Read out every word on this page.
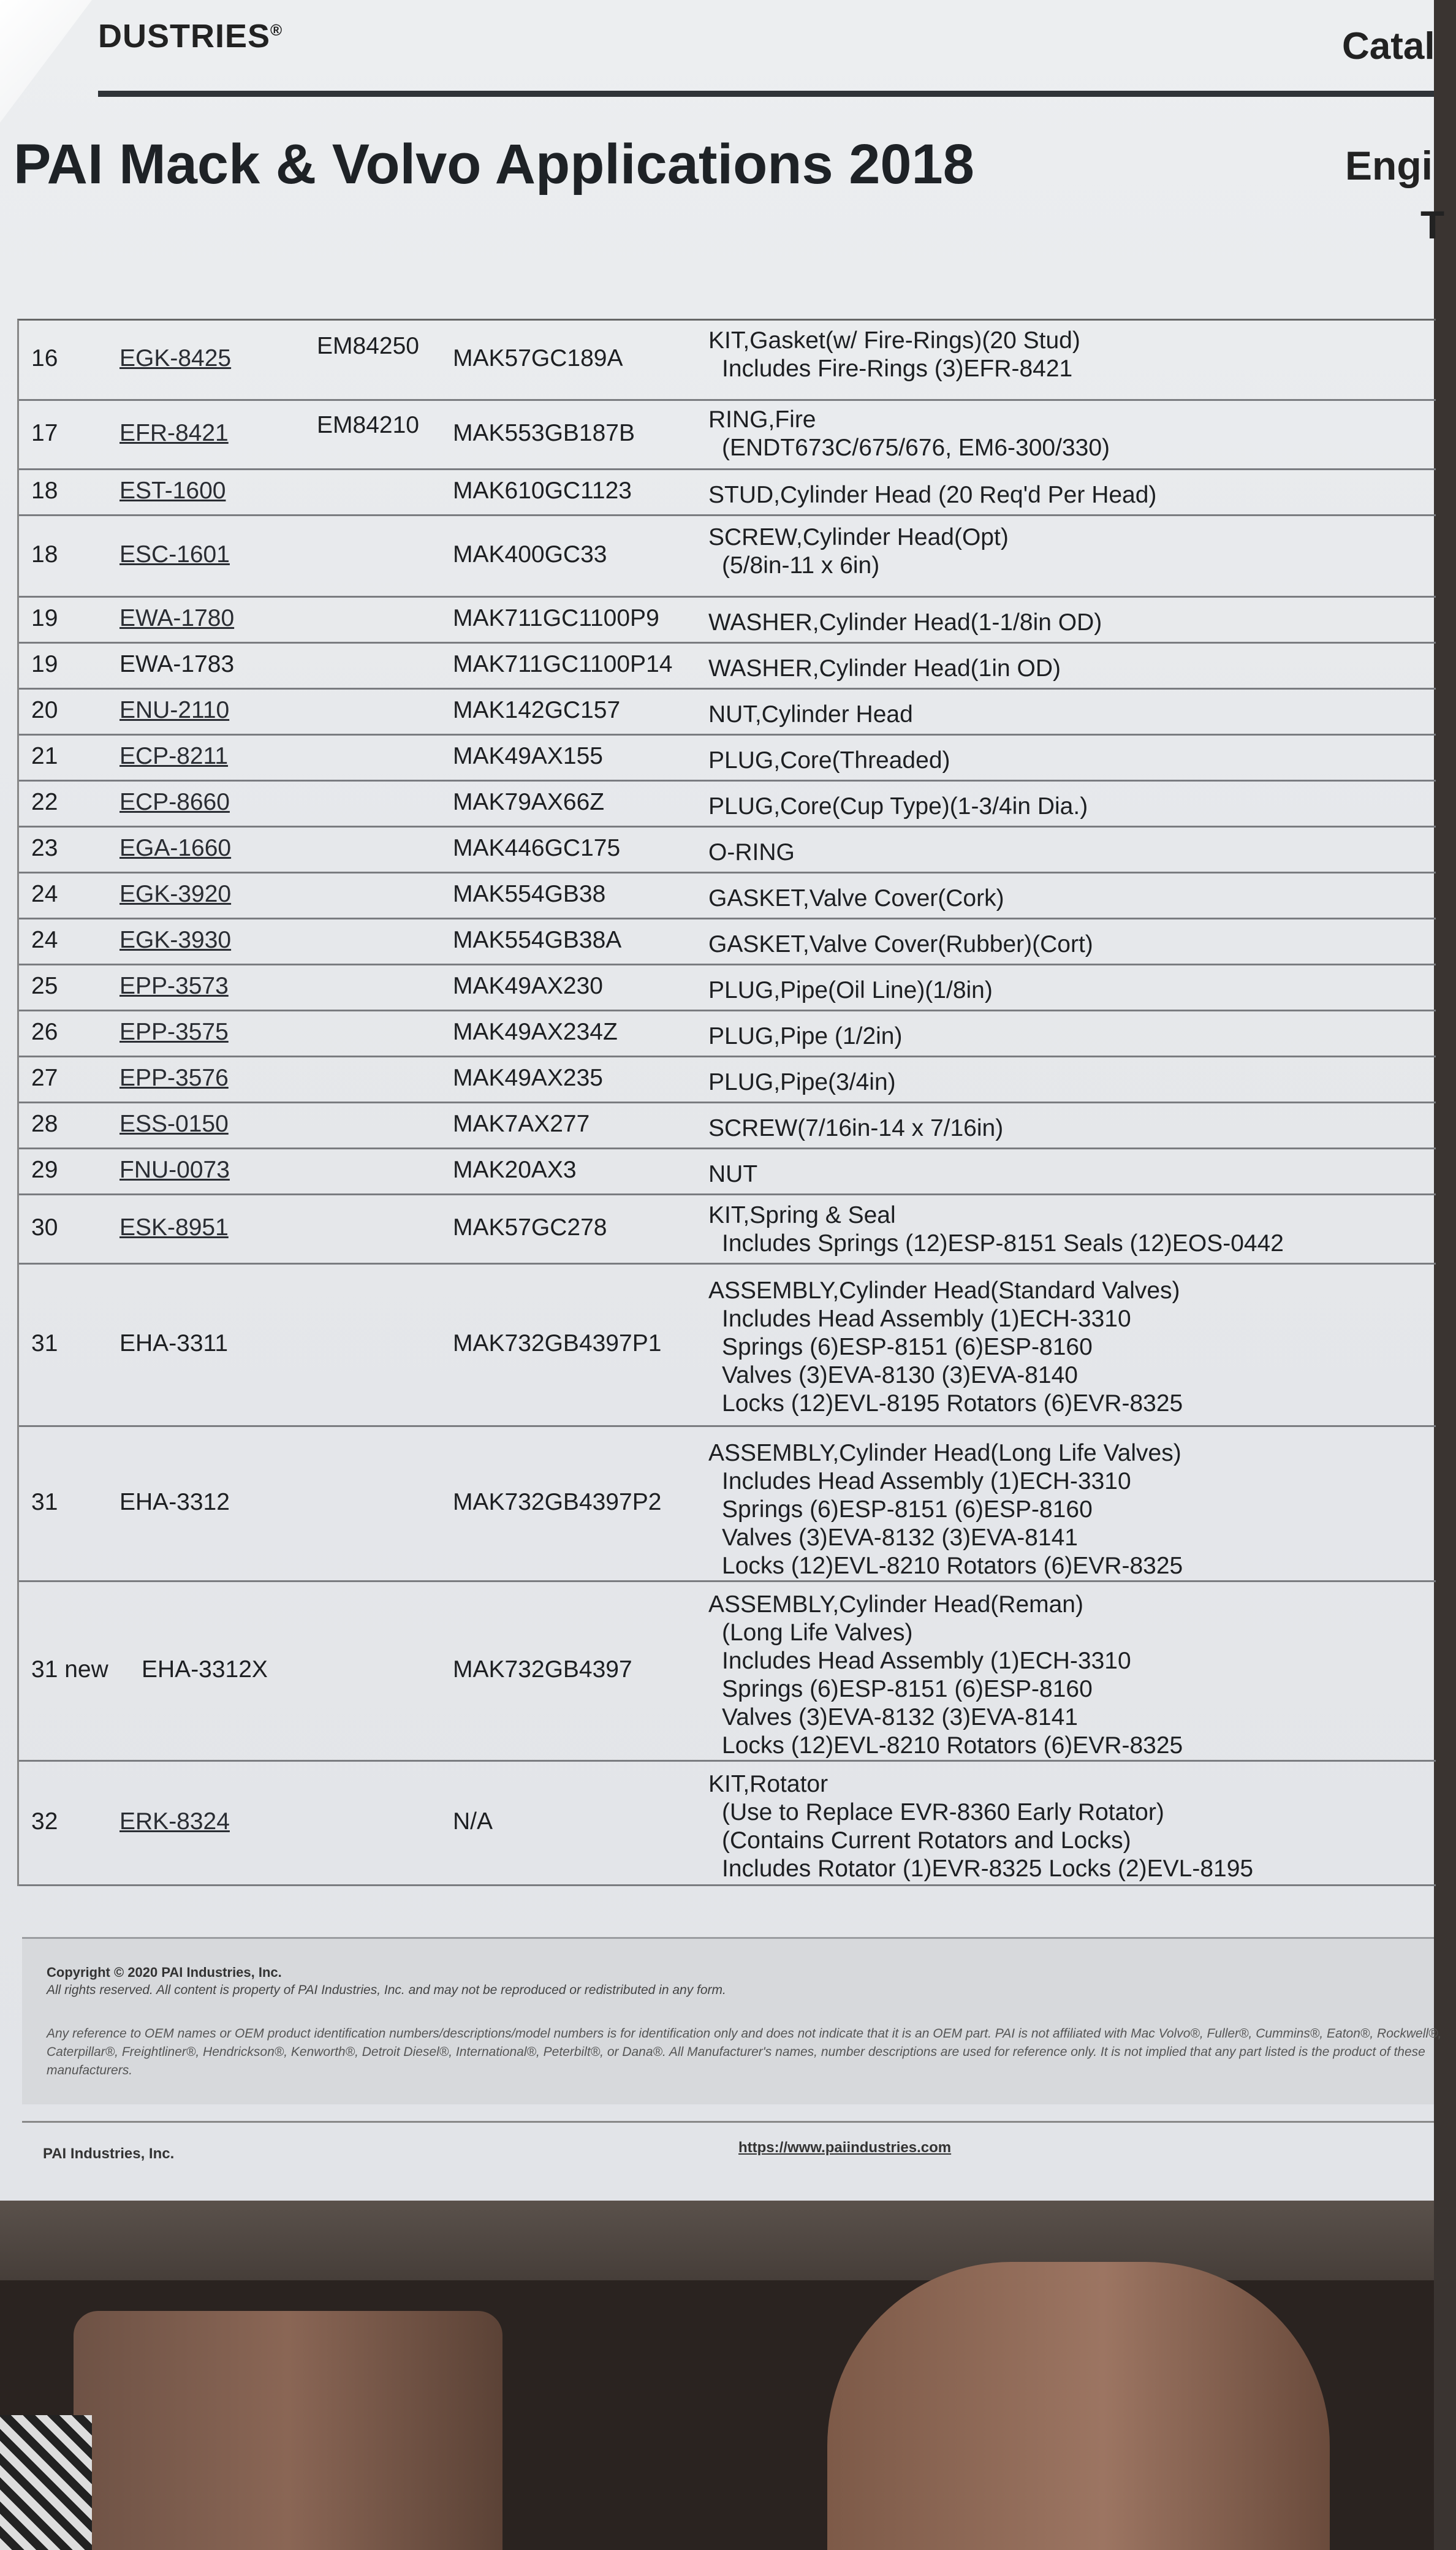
DUSTRIES®	Catal
PAI Mack & Volvo Applications 2018	Engi
T
16	EGK-8425	EM84250 MAK57GC189A
KIT,Gasket(w/ Fire-Rings)(20 Stud)
Includes Fire-Rings (3)EFR-8421
17	EFR-8421	EM84210 MAK553GB187B
RING,Fire
(ENDT673C/675/676, EM6-300/330)
18	EST-1600	MAK610GC1123	STUD,Cylinder Head (20 Req'd Per Head)
18	ESC-1601	MAK400GC33
SCREW,Cylinder Head(Opt)
(5/8in-11 x 6in)
19	EWA-1780	MAK711GC1100P9 WASHER,Cylinder Head(1-1/8in OD)
19	EWA-1783	MAK711GC1100P14 WASHER,Cylinder Head(1in OD)
20	ENU-2110	MAK142GC157	NUT,Cylinder Head
21	ECP-8211	MAK49AX155	PLUG,Core(Threaded)
22	ECP-8660	MAK79AX66Z	PLUG,Core(Cup Type)(1-3/4in Dia.)
23	EGA-1660	MAK446GC175	O-RING
24	EGK-3920	MAK554GB38	GASKET,Valve Cover(Cork)
24	EGK-3930	MAK554GB38A	GASKET,Valve Cover(Rubber)(Cort)
25	EPP-3573	MAK49AX230	PLUG,Pipe(Oil Line)(1/8in)
26	EPP-3575	MAK49AX234Z	PLUG,Pipe (1/2in)
27	EPP-3576	MAK49AX235	PLUG,Pipe(3/4in)
28	ESS-0150	MAK7AX277	SCREW(7/16in-14 x 7/16in)
29	FNU-0073	MAK20AX3	NUT
30	ESK-8951	MAK57GC278	KIT,Spring & Seal
Includes Springs (12)ESP-8151 Seals (12)EOS-0442
31	EHA-3311	MAK732GB4397P1
ASSEMBLY,Cylinder Head(Standard Valves)
Includes Head Assembly (1)ECH-3310
Springs (6)ESP-8151 (6)ESP-8160
Valves (3)EVA-8130 (3)EVA-8140
Locks (12)EVL-8195 Rotators (6)EVR-8325
31	EHA-3312	MAK732GB4397P2
ASSEMBLY,Cylinder Head(Long Life Valves)
Includes Head Assembly (1)ECH-3310
Springs (6)ESP-8151 (6)ESP-8160
Valves (3)EVA-8132 (3)EVA-8141
Locks (12)EVL-8210 Rotators (6)EVR-8325
31 new EHA-3312X	MAK732GB4397
ASSEMBLY,Cylinder Head(Reman)
(Long Life Valves)
Includes Head Assembly (1)ECH-3310
Springs (6)ESP-8151 (6)ESP-8160
Valves (3)EVA-8132 (3)EVA-8141
Locks (12)EVL-8210 Rotators (6)EVR-8325
32	ERK-8324	N/A
KIT,Rotator
(Use to Replace EVR-8360 Early Rotator)
(Contains Current Rotators and Locks)
Includes Rotator (1)EVR-8325 Locks (2)EVL-8195
Copyright © 2020 PAI Industries, Inc.
All rights reserved. All content is property of PAI Industries, Inc. and may not be reproduced or redistributed in any form.
Any reference to OEM names or OEM product identification numbers/descriptions/model numbers is for identification only and does not indicate that it is an OEM part. PAI is not affiliated with Mac Volvo®, Fuller®, Cummins®, Eaton®, Rockwell®, Caterpillar®, Freightliner®, Hendrickson®, Kenworth®, Detroit Diesel®, International®, Peterbilt®, or Dana®. All Manufacturer's names, number descriptions are used for reference only. It is not implied that any part listed is the product of these manufacturers.
PAI Industries, Inc.	https://www.paiindustries.com
